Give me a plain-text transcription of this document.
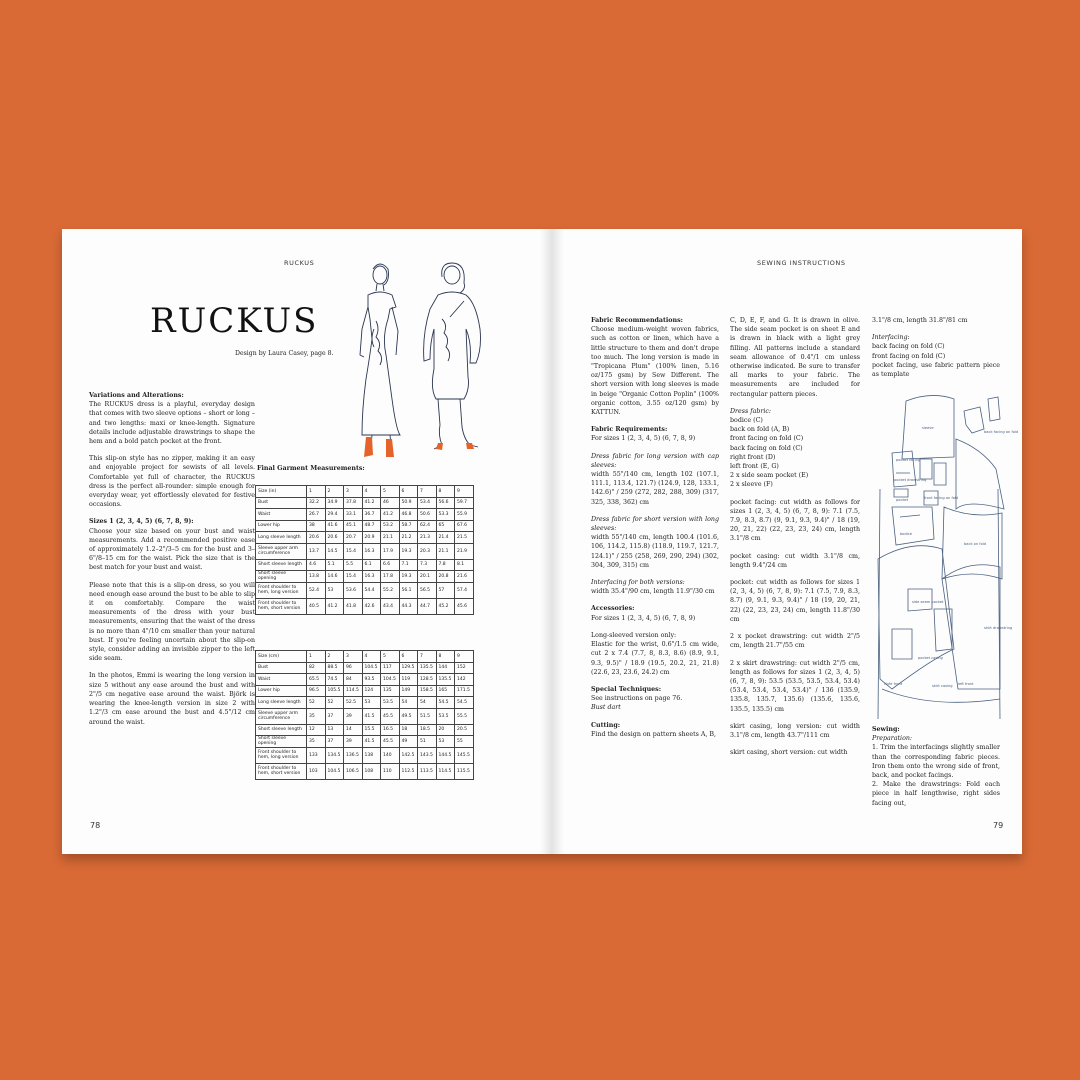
RUCKUS
RUCKUS
Design by Laura Casey, page 8.

Variations and Alterations:

The RUCKUS dress is a playful, everyday design that comes with two sleeve options – short or long – and two lengths: maxi or knee-length. Signature details include adjustable drawstrings to shape the hem and a bold patch pocket at the front.

This slip-on style has no zipper, making it an easy and enjoyable project for sewists of all levels. Comfortable yet full of character, the RUCKUS dress is the perfect all-rounder: simple enough for everyday wear, yet effortlessly elevated for festive occasions.

Sizes 1 (2, 3, 4, 5) (6, 7, 8, 9):

Choose your size based on your bust and waist measurements. Add a recommended positive ease of approximately 1.2–2"/3–5 cm for the bust and 3–6"/8–15 cm for the waist. Pick the size that is the best match for your bust and waist.

Please note that this is a slip-on dress, so you will need enough ease around the bust to be able to slip it on comfortably. Compare the waist measurements of the dress with your bust measurements, ensuring that the waist of the dress is no more than 4"/10 cm smaller than your natural bust. If you're feeling uncertain about the slip-on style, consider adding an invisible zipper to the left side seam.

In the photos, Emmi is wearing the long version in size 5 without any ease around the bust and with 2"/5 cm negative ease around the waist. Björk is wearing the knee-length version in size 2 with 1.2"/3 cm ease around the bust and 4.5"/12 cm around the waist.

Final Garment Measurements:
Size (in)	1	2	3	4	5	6	7	8	9
Bust	32.2	34.9	37.8	41.2	46	50.9	53.4	56.6	59.7
Waist	26.7	29.4	33.1	36.7	41.2	46.8	50.6	53.3	55.9
Lower hip	38	41.6	45.1	48.7	53.2	58.7	62.4	65	67.6
Long sleeve length	20.6	20.6	20.7	20.9	21.1	21.2	21.3	21.4	21.5
Sleeve upper arm circumference	13.7	14.5	15.4	16.3	17.9	19.3	20.3	21.1	21.9
Short sleeve length	4.6	5.1	5.5	6.1	6.6	7.1	7.3	7.8	8.1
Short sleeve opening	13.8	14.6	15.4	16.3	17.8	19.3	20.1	20.8	21.6
Front shoulder to hem, long version	52.4	53	53.6	54.4	55.2	56.1	56.5	57	57.4
Front shoulder to hem, short version	40.5	41.2	41.8	42.6	43.4	44.3	44.7	45.2	45.6
Size (cm)	1	2	3	4	5	6	7	8	9
Bust	82	88.5	96	104.5	117	129.5	135.5	144	152
Waist	65.5	74.5	84	93.5	104.5	119	128.5	135.5	142
Lower hip	96.5	105.5	114.5	124	135	149	158.5	165	171.5
Long sleeve length	52	52	52.5	53	53.5	54	54	54.5	54.5
Sleeve upper arm circumference	35	37	39	41.5	45.5	49.5	51.5	53.5	55.5
Short sleeve length	12	13	14	15.5	16.5	18	18.5	20	20.5
Short sleeve opening	35	37	39	41.5	45.5	49	51	53	55
Front shoulder to hem, long version	133	134.5	136.5	138	140	142.5	143.5	144.5	145.5
Front shoulder to hem, short version	103	104.5	106.5	108	110	112.5	113.5	114.5	115.5
78
SEWING INSTRUCTIONS

Fabric Recommendations:

Choose medium-weight woven fabrics, such as cotton or linen, which have a little structure to them and don't drape too much. The long version is made in "Tropicana Plum" (100% linen, 5.16 oz/175 gsm) by Sew Different. The short version with long sleeves is made in beige "Organic Cotton Poplin" (100% organic cotton, 3.55 oz/120 gsm) by KATTUN.

Fabric Requirements:

For sizes 1 (2, 3, 4, 5) (6, 7, 8, 9)

Dress fabric for long version with cap sleeves:

width 55"/140 cm, length 102 (107.1, 111.1, 113.4, 121.7) (124.9, 128, 133.1, 142.6)" / 259 (272, 282, 288, 309) (317, 325, 338, 362) cm

Dress fabric for short version with long sleeves:

width 55"/140 cm, length 100.4 (101.6, 106, 114.2, 115.8) (118.9, 119.7, 121.7, 124.1)" / 255 (258, 269, 290, 294) (302, 304, 309, 315) cm

Interfacing for both versions:

width 35.4"/90 cm, length 11.9"/30 cm

Accessories:

For sizes 1 (2, 3, 4, 5) (6, 7, 8, 9)

Long-sleeved version only:

Elastic for the wrist, 0.6"/1.5 cm wide, cut 2 x 7.4 (7.7, 8, 8.3, 8.6) (8.9, 9.1, 9.3, 9.5)" / 18.9 (19.5, 20.2, 21, 21.8) (22.6, 23, 23.6, 24.2) cm

Special Techniques:

See instructions on page 76.

Bust dart

Cutting:

Find the design on pattern sheets A, B,

C, D, E, F, and G. It is drawn in olive. The side seam pocket is on sheet E and is drawn in black with a light grey filling. All patterns include a standard seam allowance of 0.4"/1 cm unless otherwise indicated. Be sure to transfer all marks to your fabric. The measurements are included for rectangular pattern pieces.

Dress fabric:

bodice (C)
back on fold (A, B)
front facing on fold (C)
back facing on fold (C)
right front (D)
left front (E, G)
2 x side seam pocket (E)
2 x sleeve (F)

pocket facing: cut width as follows for sizes 1 (2, 3, 4, 5) (6, 7, 8, 9): 7.1 (7.5, 7.9, 8.3, 8.7) (9, 9.1, 9.3, 9.4)" / 18 (19, 20, 21, 22) (22, 23, 23, 24) cm, length 3.1"/8 cm

pocket casing: cut width 3.1"/8 cm, length 9.4"/24 cm

pocket: cut width as follows for sizes 1 (2, 3, 4, 5) (6, 7, 8, 9): 7.1 (7.5, 7.9, 8.3, 8.7) (9, 9.1, 9.3, 9.4)" / 18 (19, 20, 21, 22) (22, 23, 23, 24) cm, length 11.8"/30 cm

2 x pocket drawstring: cut width 2"/5 cm, length 21.7"/55 cm

2 x skirt drawstring: cut width 2"/5 cm, length as follows for sizes 1 (2, 3, 4, 5) (6, 7, 8, 9): 53.5 (53.5, 53.5, 53.4, 53.4) (53.4, 53.4, 53.4, 53.4)" / 136 (135.9, 135.8, 135.7, 135.6) (135.6, 135.6, 135.5, 135.5) cm

skirt casing, long version: cut width 3.1"/8 cm, length 43.7"/111 cm

skirt casing, short version: cut width

3.1"/8 cm, length 31.8"/81 cm

Interfacing:

back facing on fold (C)
front facing on fold (C)
pocket facing, use fabric pattern piece as template
sleeve
back facing on fold
pocket facing
pocket drawstring
pocket	front facing on fold
bodice
back on fold
side seam pocket
skirt drawstring
pocket casing
right front	skirt casing left front

Sewing:

Preparation:

1. Trim the interfacings slightly smaller than the corresponding fabric pieces. Iron them onto the wrong side of front, back, and pocket facings.

2. Make the drawstrings: Fold each piece in half lengthwise, right sides facing out,

79
